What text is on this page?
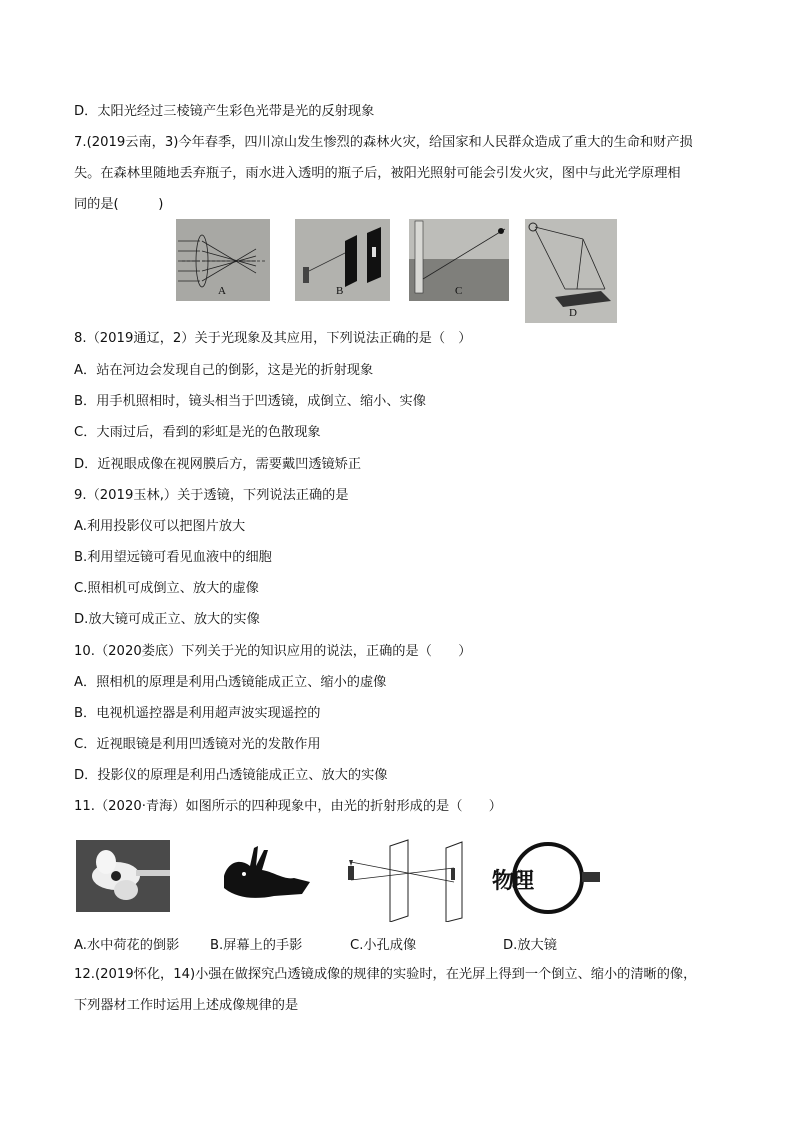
D．太阳光经过三棱镜产生彩色光带是光的反射现象
7.(2019云南，3)今年春季，四川凉山发生惨烈的森林火灾，给国家和人民群众造成了重大的生命和财产损
失。在森林里随地丢弃瓶子，雨水进入透明的瓶子后，被阳光照射可能会引发火灾，图中与此光学原理相
同的是(　　　)
A	B	C
D
8.（2019通辽，2）关于光现象及其应用，下列说法正确的是（　）
A．站在河边会发现自己的倒影，这是光的折射现象
B．用手机照相时，镜头相当于凹透镜，成倒立、缩小、实像
C．大雨过后，看到的彩虹是光的色散现象
D．近视眼成像在视网膜后方，需要戴凹透镜矫正
9.（2019玉林,）关于透镜，下列说法正确的是
A.利用投影仪可以把图片放大
B.利用望远镜可看见血液中的细胞
C.照相机可成倒立、放大的虚像
D.放大镜可成正立、放大的实像
10.（2020娄底）下列关于光的知识应用的说法，正确的是（　　）
A．照相机的原理是利用凸透镜能成正立、缩小的虚像
B．电视机遥控器是利用超声波实现遥控的
C．近视眼镜是利用凹透镜对光的发散作用
D．投影仪的原理是利用凸透镜能成正立、放大的实像
11.（2020·青海）如图所示的四种现象中，由光的折射形成的是（　　）
物理
A.水中荷花的倒影 B.屏幕上的手影	C.小孔成像	D.放大镜
12.(2019怀化，14)小强在做探究凸透镜成像的规律的实验时，在光屏上得到一个倒立、缩小的清晰的像，
下列器材工作时运用上述成像规律的是
